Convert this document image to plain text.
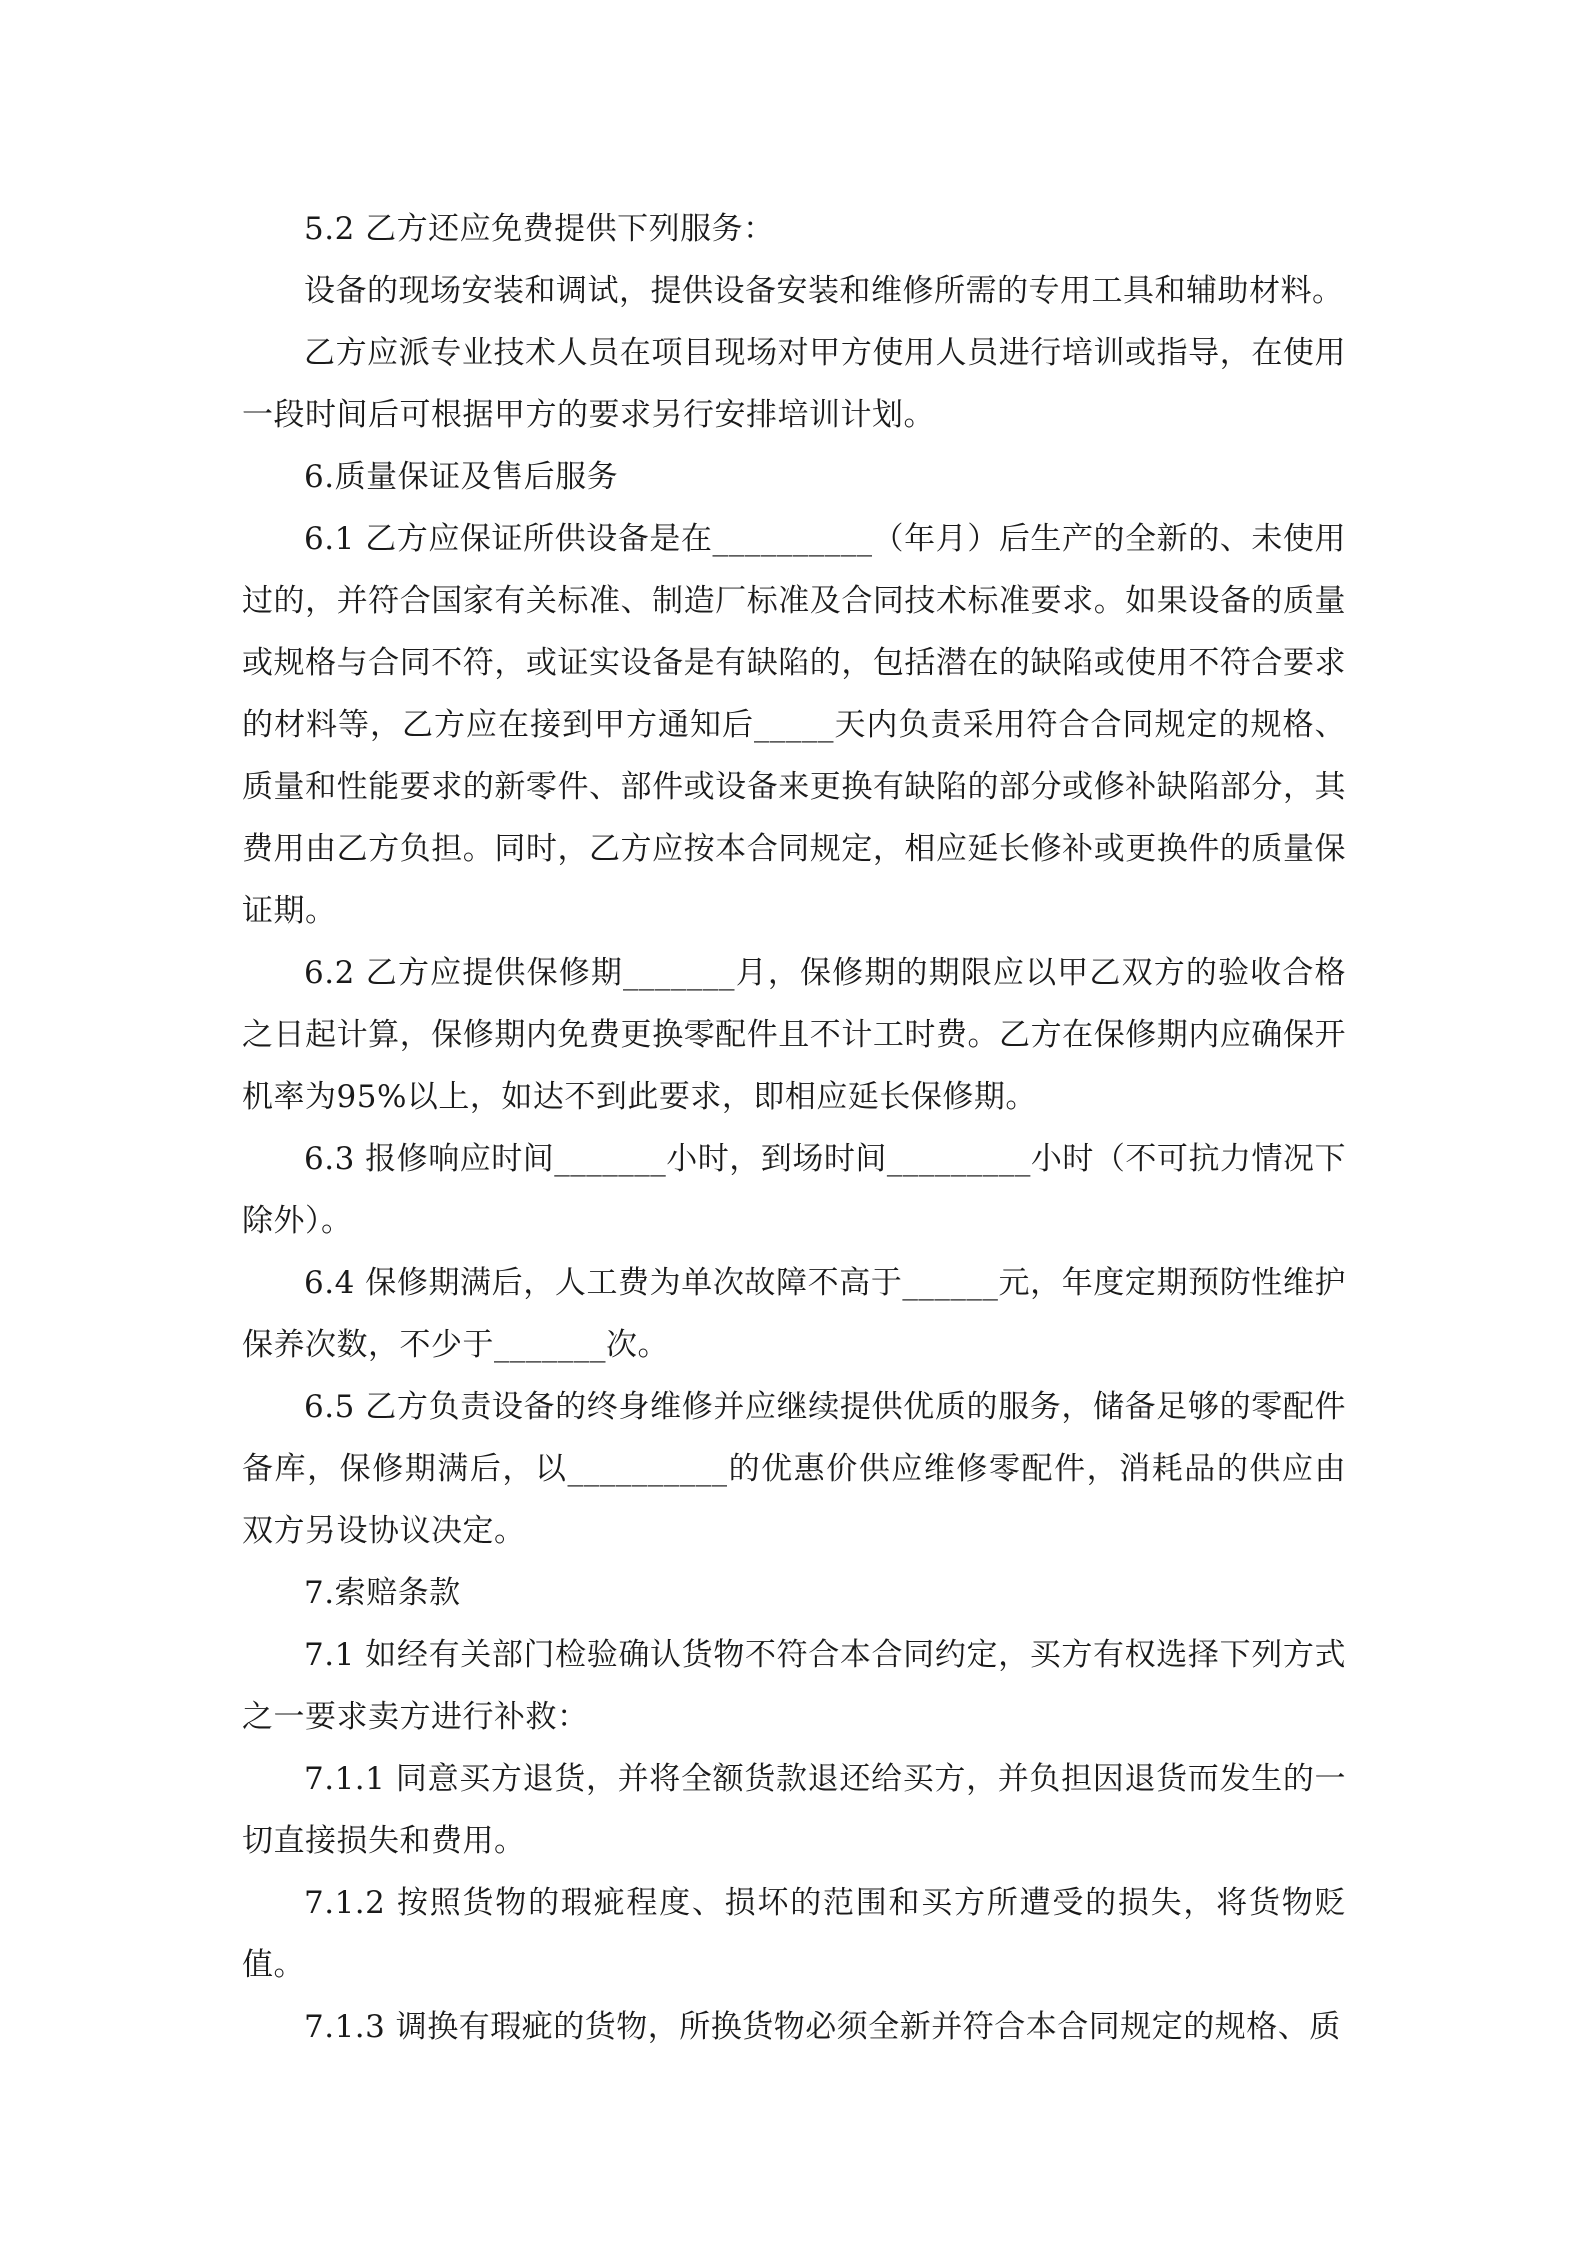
5.2 乙方还应免费提供下列服务：

设备的现场安装和调试，提供设备安装和维修所需的专用工具和辅助材料。

乙方应派专业技术人员在项目现场对甲方使用人员进行培训或指导，在使用一段时间后可根据甲方的要求另行安排培训计划。

6.质量保证及售后服务

6.1 乙方应保证所供设备是在__________（年月）后生产的全新的、未使用过的，并符合国家有关标准、制造厂标准及合同技术标准要求。如果设备的质量或规格与合同不符，或证实设备是有缺陷的，包括潜在的缺陷或使用不符合要求的材料等，乙方应在接到甲方通知后_____天内负责采用符合合同规定的规格、质量和性能要求的新零件、部件或设备来更换有缺陷的部分或修补缺陷部分，其费用由乙方负担。同时，乙方应按本合同规定，相应延长修补或更换件的质量保证期。

6.2 乙方应提供保修期_______月，保修期的期限应以甲乙双方的验收合格之日起计算，保修期内免费更换零配件且不计工时费。乙方在保修期内应确保开机率为95%以上，如达不到此要求，即相应延长保修期。

6.3 报修响应时间_______小时，到场时间_________小时（不可抗力情况下除外）。

6.4 保修期满后，人工费为单次故障不高于______元，年度定期预防性维护保养次数，不少于_______次。

6.5 乙方负责设备的终身维修并应继续提供优质的服务，储备足够的零配件备库，保修期满后，以__________的优惠价供应维修零配件，消耗品的供应由双方另设协议决定。

7.索赔条款

7.1 如经有关部门检验确认货物不符合本合同约定，买方有权选择下列方式之一要求卖方进行补救：

7.1.1 同意买方退货，并将全额货款退还给买方，并负担因退货而发生的一切直接损失和费用。

7.1.2 按照货物的瑕疵程度、损坏的范围和买方所遭受的损失，将货物贬值。

7.1.3 调换有瑕疵的货物，所换货物必须全新并符合本合同规定的规格、质
